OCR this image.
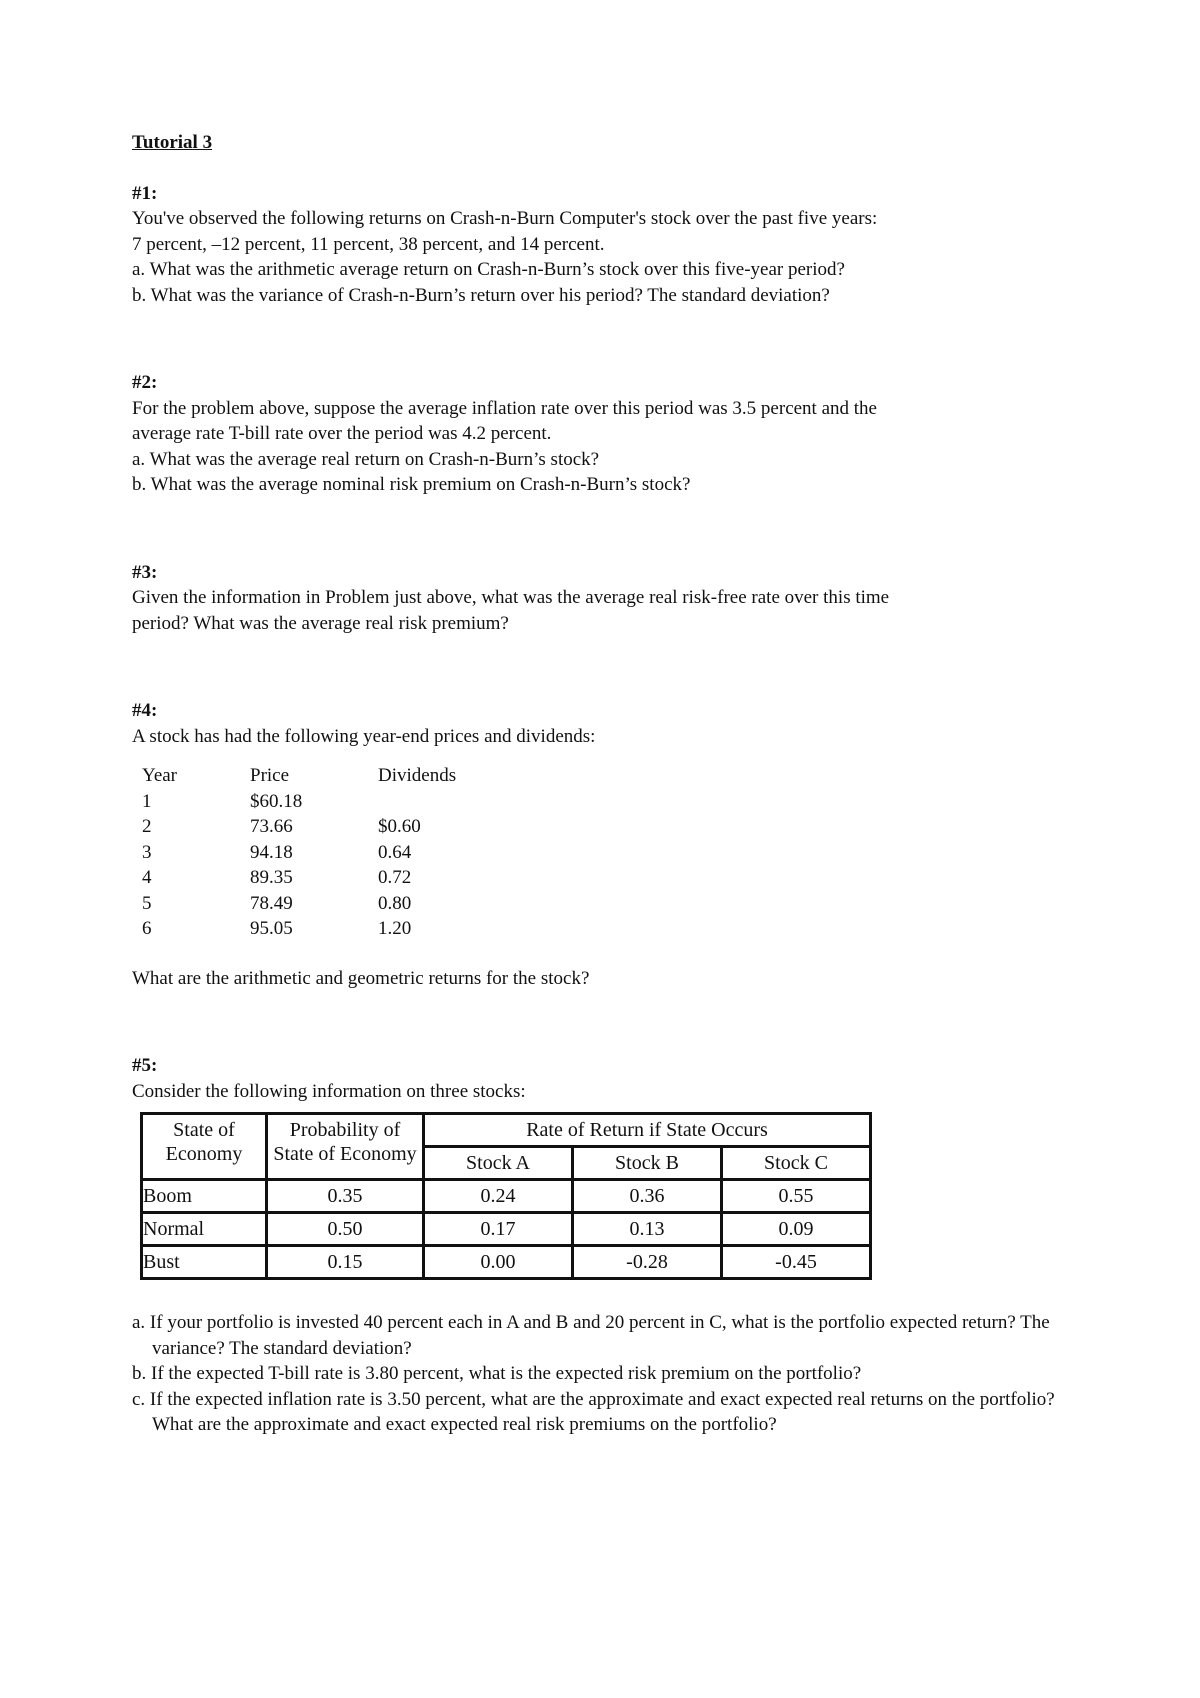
Tutorial 3
#1:
You've observed the following returns on Crash-n-Burn Computer's stock over the past five years:
7 percent, –12 percent, 11 percent, 38 percent, and 14 percent.
a. What was the arithmetic average return on Crash-n-Burn’s stock over this five-year period?
b. What was the variance of Crash-n-Burn’s return over his period? The standard deviation?
#2:
For the problem above, suppose the average inflation rate over this period was 3.5 percent and the
average rate T-bill rate over the period was 4.2 percent.
a. What was the average real return on Crash-n-Burn’s stock?
b. What was the average nominal risk premium on Crash-n-Burn’s stock?
#3:
Given the information in Problem just above, what was the average real risk-free rate over this time
period? What was the average real risk premium?
#4:
A stock has had the following year-end prices and dividends:
Year	Price	Dividends
1	$60.18	
2	73.66	$0.60
3	94.18	0.64
4	89.35	0.72
5	78.49	0.80
6	95.05	1.20
What are the arithmetic and geometric returns for the stock?
#5:
Consider the following information on three stocks:
State of Economy	Probability of State of Economy	Rate of Return if State Occurs		
		Stock A	Stock B	Stock C
Boom	0.35	0.24	0.36	0.55
Normal	0.50	0.17	0.13	0.09
Bust	0.15	0.00	-0.28	-0.45
a. If your portfolio is invested 40 percent each in A and B and 20 percent in C, what is the portfolio expected return? The variance? The standard deviation?
b. If the expected T-bill rate is 3.80 percent, what is the expected risk premium on the portfolio?
c. If the expected inflation rate is 3.50 percent, what are the approximate and exact expected real returns on the portfolio? What are the approximate and exact expected real risk premiums on the portfolio?
